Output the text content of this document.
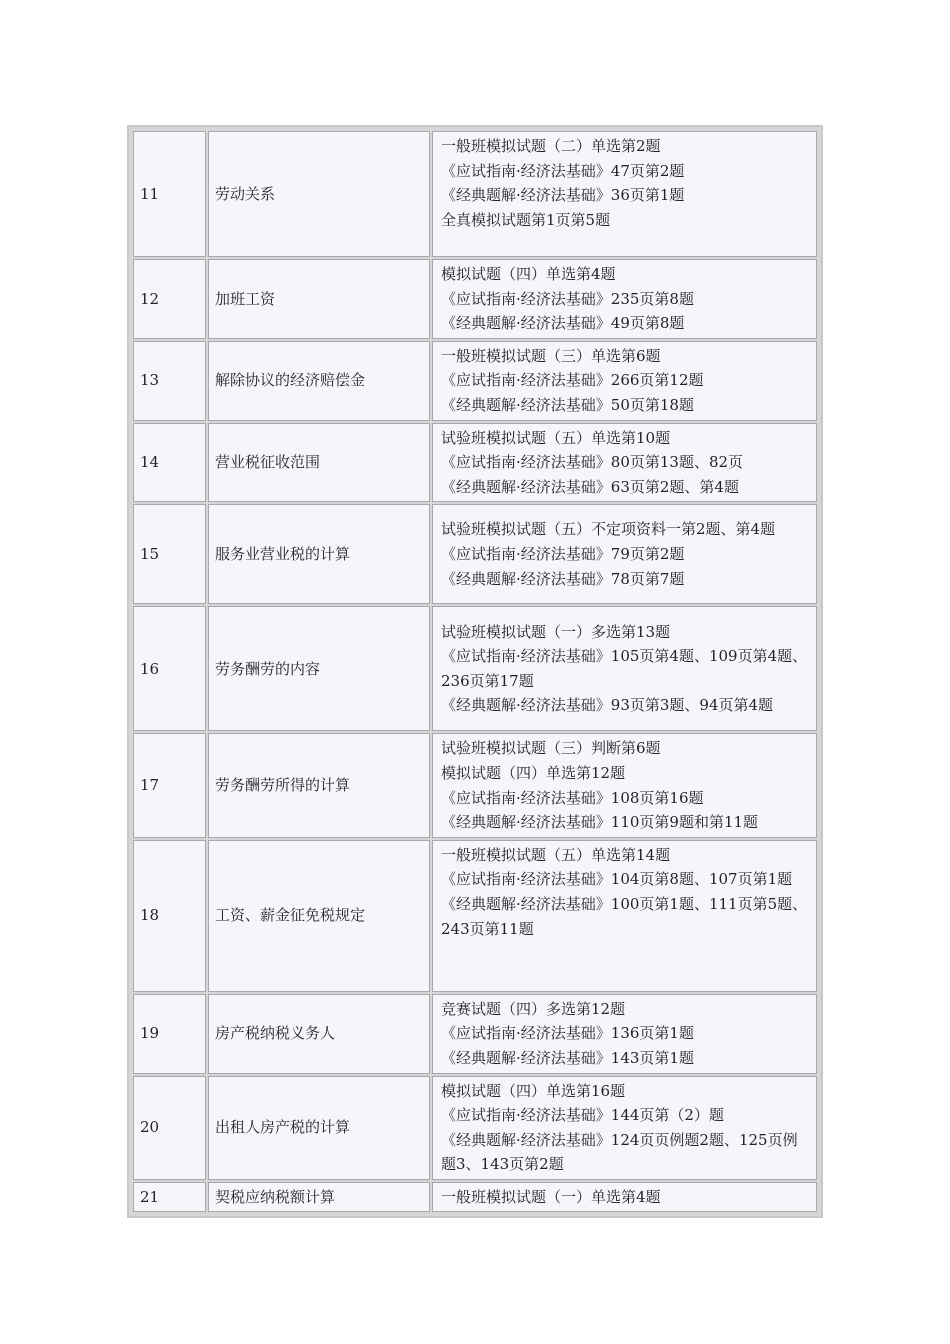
11	劳动关系	一般班模拟试题（二）单选第2题
《应试指南·经济法基础》47页第2题
《经典题解·经济法基础》36页第1题
全真模拟试题第1页第5题

12	加班工资	模拟试题（四）单选第4题
《应试指南·经济法基础》235页第8题
《经典题解·经济法基础》49页第8题

13	解除协议的经济赔偿金	一般班模拟试题（三）单选第6题
《应试指南·经济法基础》266页第12题
《经典题解·经济法基础》50页第18题

14	营业税征收范围	试验班模拟试题（五）单选第10题
《应试指南·经济法基础》80页第13题、82页
《经典题解·经济法基础》63页第2题、第4题

15	服务业营业税的计算	试验班模拟试题（五）不定项资料一第2题、第4题
《应试指南·经济法基础》79页第2题
《经典题解·经济法基础》78页第7题

16	劳务酬劳的内容	试验班模拟试题（一）多选第13题
《应试指南·经济法基础》105页第4题、109页第4题、236页第17题
《经典题解·经济法基础》93页第3题、94页第4题

17	劳务酬劳所得的计算	试验班模拟试题（三）判断第6题
模拟试题（四）单选第12题
《应试指南·经济法基础》108页第16题
《经典题解·经济法基础》110页第9题和第11题

18	工资、薪金征免税规定	一般班模拟试题（五）单选第14题
《应试指南·经济法基础》104页第8题、107页第1题
《经典题解·经济法基础》100页第1题、111页第5题、243页第11题

19	房产税纳税义务人	竞赛试题（四）多选第12题
《应试指南·经济法基础》136页第1题
《经典题解·经济法基础》143页第1题

20	出租人房产税的计算	模拟试题（四）单选第16题
《应试指南·经济法基础》144页第（2）题
《经典题解·经济法基础》124页页例题2题、125页例题3、143页第2题

21	契税应纳税额计算	一般班模拟试题（一）单选第4题
